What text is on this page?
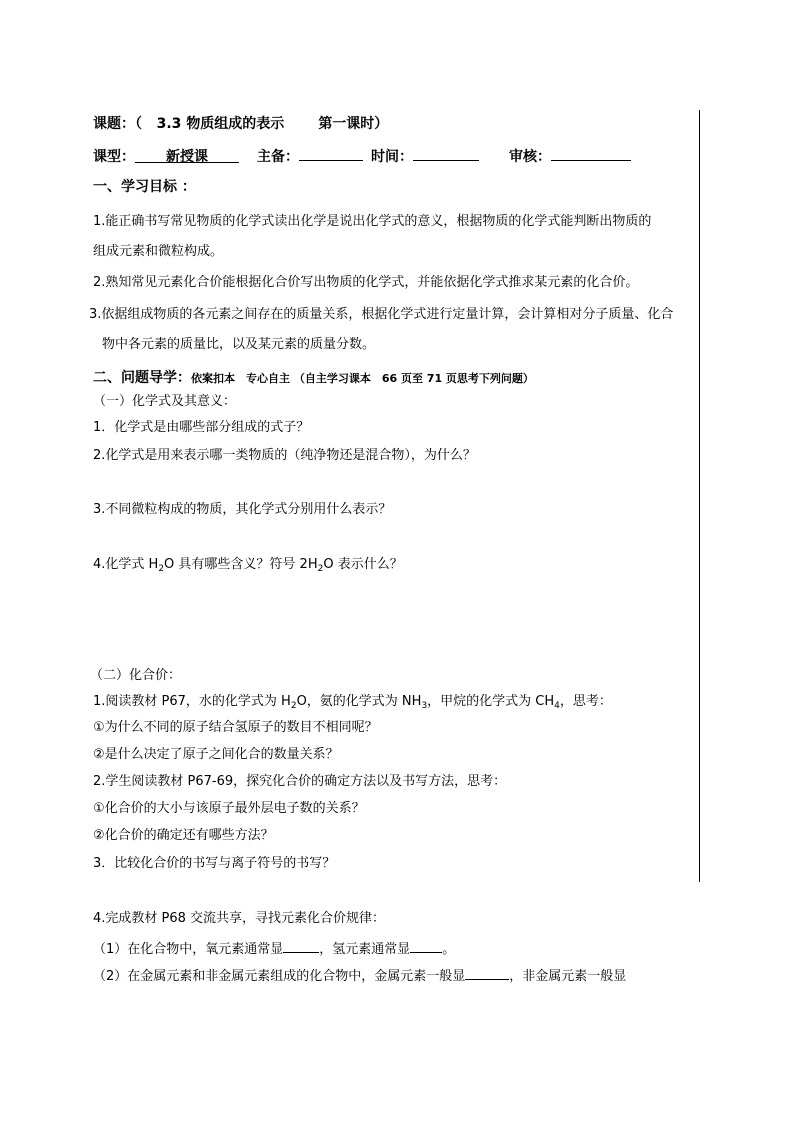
课题：（ 3.3 物质组成的表示 第一课时）
课型： 新授课	主备：	时间：	审核：
一、学习目标 ：
1.能正确书写常见物质的化学式读出化学是说出化学式的意义，根据物质的化学式能判断出物质的
组成元素和微粒构成。
2.熟知常见元素化合价能根据化合价写出物质的化学式，并能依据化学式推求某元素的化合价。
3.依据组成物质的各元素之间存在的质量关系，根据化学式进行定量计算，会计算相对分子质量、化合
物中各元素的质量比，以及某元素的质量分数。
二、问题导学：依案扣本　专心自主 （自主学习课本　66 页至 71 页思考下列问题）
（一）化学式及其意义：
1．化学式是由哪些部分组成的式子？
2.化学式是用来表示哪一类物质的（纯净物还是混合物），为什么？
3.不同微粒构成的物质，其化学式分别用什么表示？
4.化学式 $H_2O$ 具有哪些含义？符号 $2H_2O$ 表示什么？
（二）化合价：
1.阅读教材 P67，水的化学式为 $H_2O$，氨的化学式为 $NH_3$，甲烷的化学式为 $CH_4$，思考：
①为什么不同的原子结合氢原子的数目不相同呢？
②是什么决定了原子之间化合的数量关系？
2.学生阅读教材 P67-69，探究化合价的确定方法以及书写方法，思考：
①化合价的大小与该原子最外层电子数的关系？
②化合价的确定还有哪些方法？
3．比较化合价的书写与离子符号的书写？
4.完成教材 P68 交流共享，寻找元素化合价规律：
（1）在化合物中，氧元素通常显	，氢元素通常显 。
（2）在金属元素和非金属元素组成的化合物中，金属元素一般显	，非金属元素一般显
